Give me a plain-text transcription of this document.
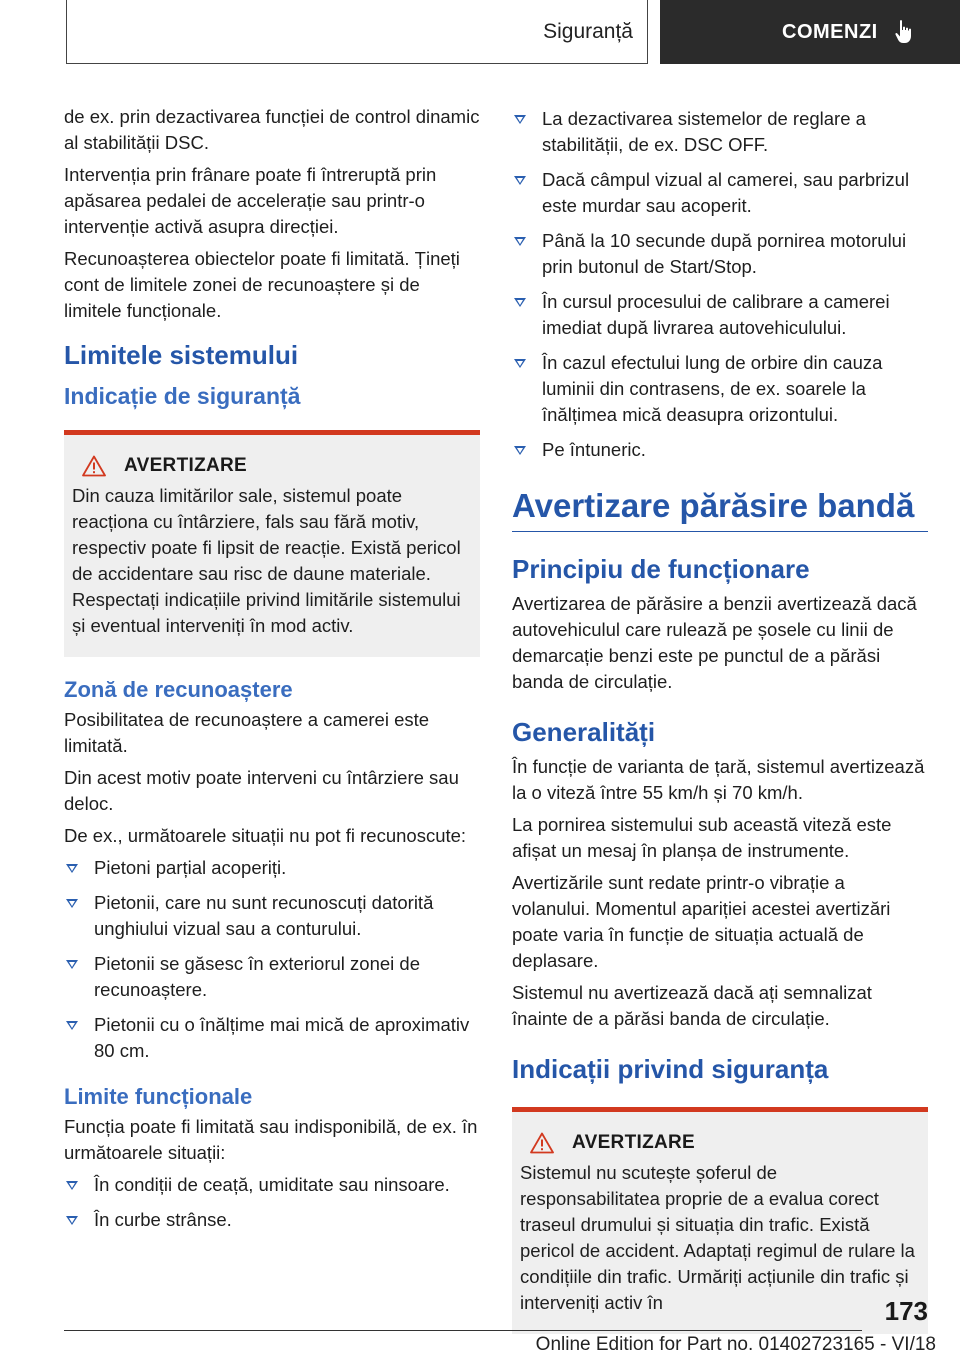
Siguranță	COMENZI

de ex. prin dezactivarea funcției de control dinamic al stabilității DSC.

Intervenția prin frânare poate fi întreruptă prin apăsarea pedalei de accelerație sau printr-o intervenție activă asupra direcției.

Recunoașterea obiectelor poate fi limitată. Țineți cont de limitele zonei de recunoaștere și de limitele funcționale.

Limitele sistemului
Indicație de siguranță
AVERTIZARE

Din cauza limitărilor sale, sistemul poate reacționa cu întârziere, fals sau fără motiv, respectiv poate fi lipsit de reacție. Există pericol de accidentare sau risc de daune materiale. Respectați indicațiile privind limitările sistemului și eventual interveniți în mod activ.

Zonă de recunoaștere

Posibilitatea de recunoaștere a camerei este limitată.

Din acest motiv poate interveni cu întârziere sau deloc.

De ex., următoarele situații nu pot fi recunoscute:

Pietoni parțial acoperiți.
Pietonii, care nu sunt recunoscuți datorită unghiului vizual sau a conturului.
Pietonii se găsesc în exteriorul zonei de recunoaștere.
Pietonii cu o înălțime mai mică de aproximativ 80 cm.
Limite funcționale

Funcția poate fi limitată sau indisponibilă, de ex. în următoarele situații:

În condiții de ceață, umiditate sau ninsoare.
În curbe strânse.
La dezactivarea sistemelor de reglare a stabilității, de ex. DSC OFF.
Dacă câmpul vizual al camerei, sau parbrizul este murdar sau acoperit.
Până la 10 secunde după pornirea motorului prin butonul de Start/Stop.
În cursul procesului de calibrare a camerei imediat după livrarea autovehiculului.
În cazul efectului lung de orbire din cauza luminii din contrasens, de ex. soarele la înălțimea mică deasupra orizontului.
Pe întuneric.
Avertizare părăsire bandă
Principiu de funcționare

Avertizarea de părăsire a benzii avertizează dacă autovehiculul care rulează pe șosele cu linii de demarcație benzi este pe punctul de a părăsi banda de circulație.

Generalități

În funcție de varianta de țară, sistemul avertizează la o viteză între 55 km/h și 70 km/h.

La pornirea sistemului sub această viteză este afișat un mesaj în planșa de instrumente.

Avertizările sunt redate printr-o vibrație a volanului. Momentul apariției acestei avertizări poate varia în funcție de situația actuală de deplasare.

Sistemul nu avertizează dacă ați semnalizat înainte de a părăsi banda de circulație.

Indicații privind siguranța
AVERTIZARE

Sistemul nu scutește șoferul de responsabilitatea proprie de a evalua corect traseul drumului și situația din trafic. Există pericol de accident. Adaptați regimul de rulare la condițiile din trafic. Urmăriți acțiunile din trafic și interveniți activ în	173
Online Edition for Part no. 01402723165 - VI/18
